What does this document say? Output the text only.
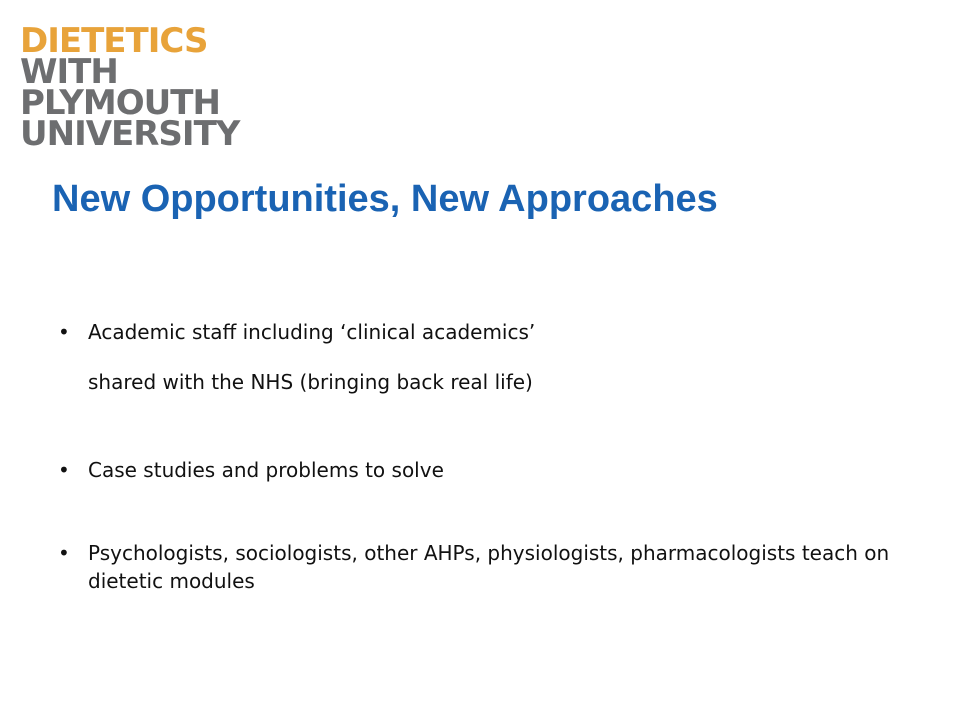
DIETETICS
WITH
PLYMOUTH
UNIVERSITY
New Opportunities, New Approaches
• Academic staff including ‘clinical academics’
shared with the NHS (bringing back real life)
• Case studies and problems to solve
• Psychologists, sociologists, other AHPs, physiologists, pharmacologists teach on dietetic modules
